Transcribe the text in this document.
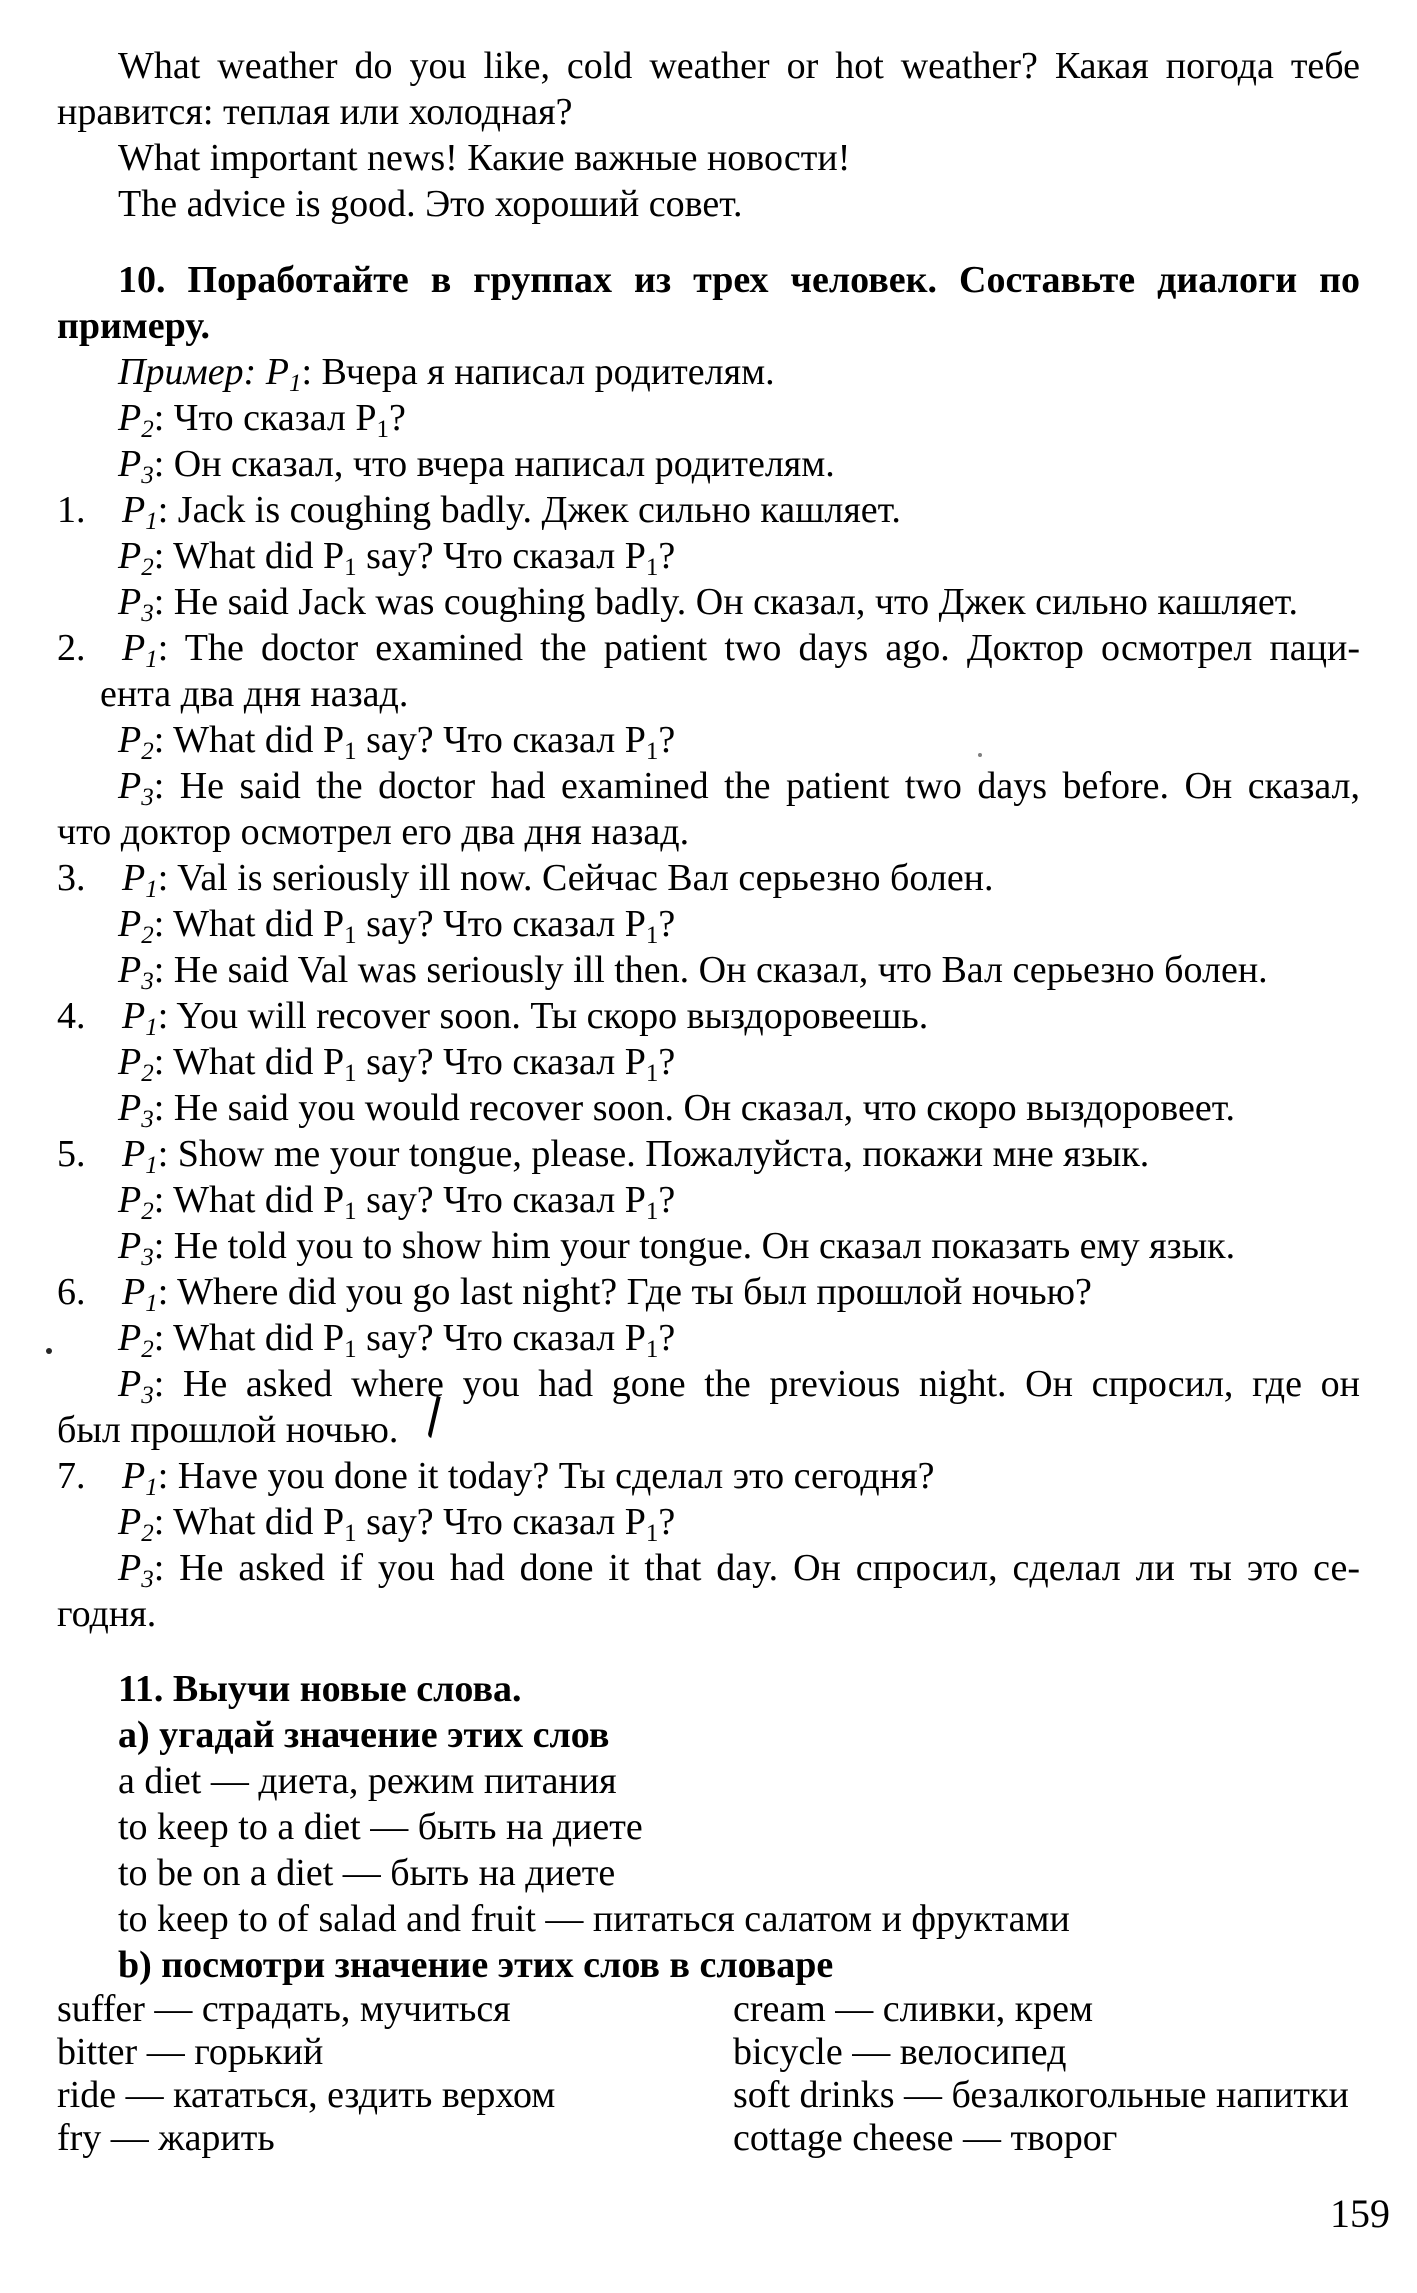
What weather do you like, cold weather or hot weather? Какая погода тебе
нравится: теплая или холодная?
What important news! Какие важные новости!
The advice is good. Это хороший совет.
10. Поработайте в группах из трех человек. Составьте диалоги по
примеру.
Пример: P1: Вчера я написал родителям.
P2: Что сказал P1?
P3: Он сказал, что вчера написал родителям.
1. P1: Jack is coughing badly. Джек сильно кашляет.
P2: What did P1 say? Что сказал P1?
P3: He said Jack was coughing badly. Он сказал, что Джек сильно кашляет.
2. P1: The doctor examined the patient two days ago. Доктор осмотрел паци-
ента два дня назад.
P2: What did P1 say? Что сказал P1?
P3: He said the doctor had examined the patient two days before. Он сказал,
что доктор осмотрел его два дня назад.
3. P1: Val is seriously ill now. Сейчас Вал серьезно болен.
P2: What did P1 say? Что сказал P1?
P3: He said Val was seriously ill then. Он сказал, что Вал серьезно болен.
4. P1: You will recover soon. Ты скоро выздоровеешь.
P2: What did P1 say? Что сказал P1?
P3: He said you would recover soon. Он сказал, что скоро выздоровеет.
5. P1: Show me your tongue, please. Пожалуйста, покажи мне язык.
P2: What did P1 say? Что сказал P1?
P3: He told you to show him your tongue. Он сказал показать ему язык.
6. P1: Where did you go last night? Где ты был прошлой ночью?
P2: What did P1 say? Что сказал P1?
P3: He asked where you had gone the previous night. Он спросил, где он
был прошлой ночью.
7. P1: Have you done it today? Ты сделал это сегодня?
P2: What did P1 say? Что сказал P1?
P3: He asked if you had done it that day. Он спросил, сделал ли ты это се-
годня.
11. Выучи новые слова.
a) угадай значение этих слов
a diet — диета, режим питания
to keep to a diet — быть на диете
to be on a diet — быть на диете
to keep to of salad and fruit — питаться салатом и фруктами
b) посмотри значение этих слов в словаре
suffer — страдать, мучиться	cream — сливки, крем
bitter — горький	bicycle — велосипед
ride — кататься, ездить верхом	soft drinks — безалкогольные напитки
fry — жарить	cottage cheese — творог
159
